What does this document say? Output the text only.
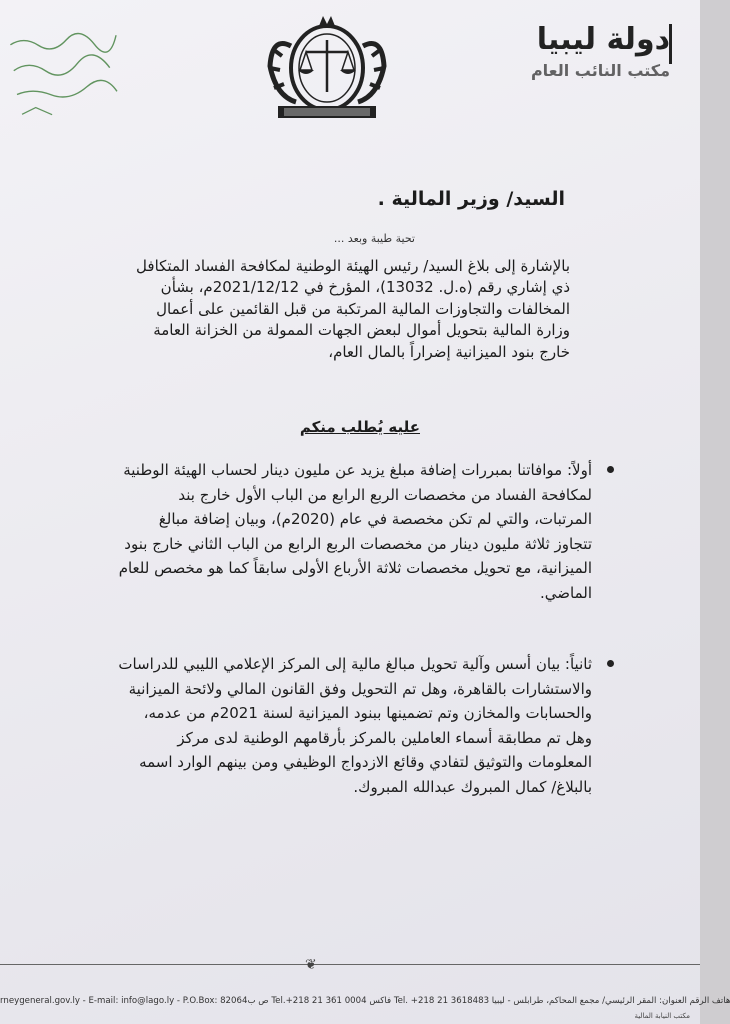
دولة ليبيا
مكتب النائب العام
السيد/ وزير المالية .
تحية طيبة وبعد ...
بالإشارة إلى بلاغ السيد/ رئيس الهيئة الوطنية لمكافحة الفساد المتكافل ذي إشاري رقم (ه.ل. 13032)، المؤرخ في 2021/12/12م، بشأن المخالفات والتجاوزات المالية المرتكبة من قبل القائمين على أعمال وزارة المالية بتحويل أموال لبعض الجهات الممولة من الخزانة العامة خارج بنود الميزانية إضراراً بالمال العام،
عليه يُطلب منكم
أولاً: موافاتنا بمبررات إضافة مبلغ يزيد عن مليون دينار لحساب الهيئة الوطنية لمكافحة الفساد من مخصصات الربع الرابع من الباب الأول خارج بند المرتبات، والتي لم تكن مخصصة في عام (2020م)، وبيان إضافة مبالغ تتجاوز ثلاثة مليون دينار من مخصصات الربع الرابع من الباب الثاني خارج بنود الميزانية، مع تحويل مخصصات ثلاثة الأرباع الأولى سابقاً كما هو مخصص للعام الماضي.
ثانياً: بيان أسس وآلية تحويل مبالغ مالية إلى المركز الإعلامي الليبي للدراسات والاستشارات بالقاهرة، وهل تم التحويل وفق القانون المالي ولائحة الميزانية والحسابات والمخازن وتم تضمينها ببنود الميزانية لسنة 2021م من عدمه، وهل تم مطابقة أسماء العاملين بالمركز بأرقامهم الوطنية لدى مركز المعلومات والتوثيق لتفادي وقائع الازدواج الوظيفي ومن بينهم الوارد اسمه بالبلاغ/ كمال المبروك عبدالله المبروك.
❦
rneygeneral.gov.ly - E-mail: info@lago.ly - P.O.Box: 82064ص ب Tel.+218 21 361 0004 فاكس Tel. +218 21 3618483 هاتف الرقم العنوان: المقر الرئيسي/ مجمع المحاكم، طرابلس - ليبيا
مكتب النيابة المالية
